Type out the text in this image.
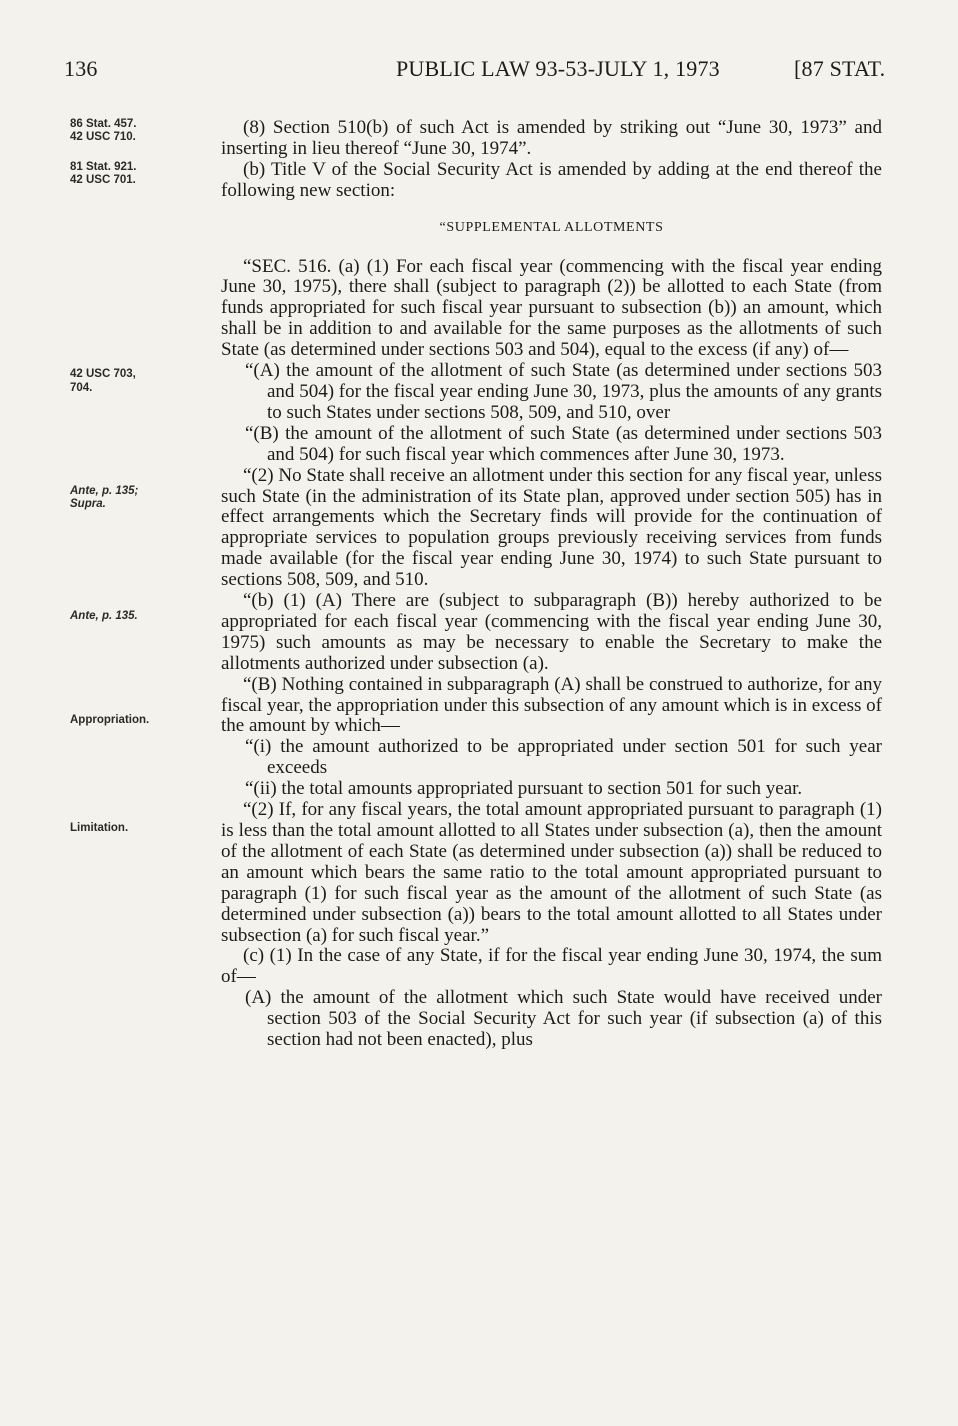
136	PUBLIC LAW 93-53-JULY 1, 1973	[87 STAT.
86 Stat. 457.
42 USC 710.
81 Stat. 921.
42 USC 701.
42 USC 703,
704.
Ante, p. 135;
Supra.
Ante, p. 135.
Appropriation.
Limitation.

(8) Section 510(b) of such Act is amended by striking out “June 30, 1973” and inserting in lieu thereof “June 30, 1974”.

(b) Title V of the Social Security Act is amended by adding at the end thereof the following new section:

“SUPPLEMENTAL ALLOTMENTS

“SEC. 516. (a) (1) For each fiscal year (commencing with the fiscal year ending June 30, 1975), there shall (subject to paragraph (2)) be allotted to each State (from funds appropriated for such fiscal year pursuant to subsection (b)) an amount, which shall be in addition to and available for the same purposes as the allotments of such State (as determined under sections 503 and 504), equal to the excess (if any) of—

“(A) the amount of the allotment of such State (as determined under sections 503 and 504) for the fiscal year ending June 30, 1973, plus the amounts of any grants to such States under sections 508, 509, and 510, over

“(B) the amount of the allotment of such State (as determined under sections 503 and 504) for such fiscal year which commences after June 30, 1973.

“(2) No State shall receive an allotment under this section for any fiscal year, unless such State (in the administration of its State plan, approved under section 505) has in effect arrangements which the Secretary finds will provide for the continuation of appropriate services to population groups previously receiving services from funds made available (for the fiscal year ending June 30, 1974) to such State pursuant to sections 508, 509, and 510.

“(b) (1) (A) There are (subject to subparagraph (B)) hereby authorized to be appropriated for each fiscal year (commencing with the fiscal year ending June 30, 1975) such amounts as may be necessary to enable the Secretary to make the allotments authorized under subsection (a).

“(B) Nothing contained in subparagraph (A) shall be construed to authorize, for any fiscal year, the appropriation under this subsection of any amount which is in excess of the amount by which—

“(i) the amount authorized to be appropriated under section 501 for such year exceeds

“(ii) the total amounts appropriated pursuant to section 501 for such year.

“(2) If, for any fiscal years, the total amount appropriated pursuant to paragraph (1) is less than the total amount allotted to all States under subsection (a), then the amount of the allotment of each State (as determined under subsection (a)) shall be reduced to an amount which bears the same ratio to the total amount appropriated pursuant to paragraph (1) for such fiscal year as the amount of the allotment of such State (as determined under subsection (a)) bears to the total amount allotted to all States under subsection (a) for such fiscal year.”

(c) (1) In the case of any State, if for the fiscal year ending June 30, 1974, the sum of—

(A) the amount of the allotment which such State would have received under section 503 of the Social Security Act for such year (if subsection (a) of this section had not been enacted), plus
